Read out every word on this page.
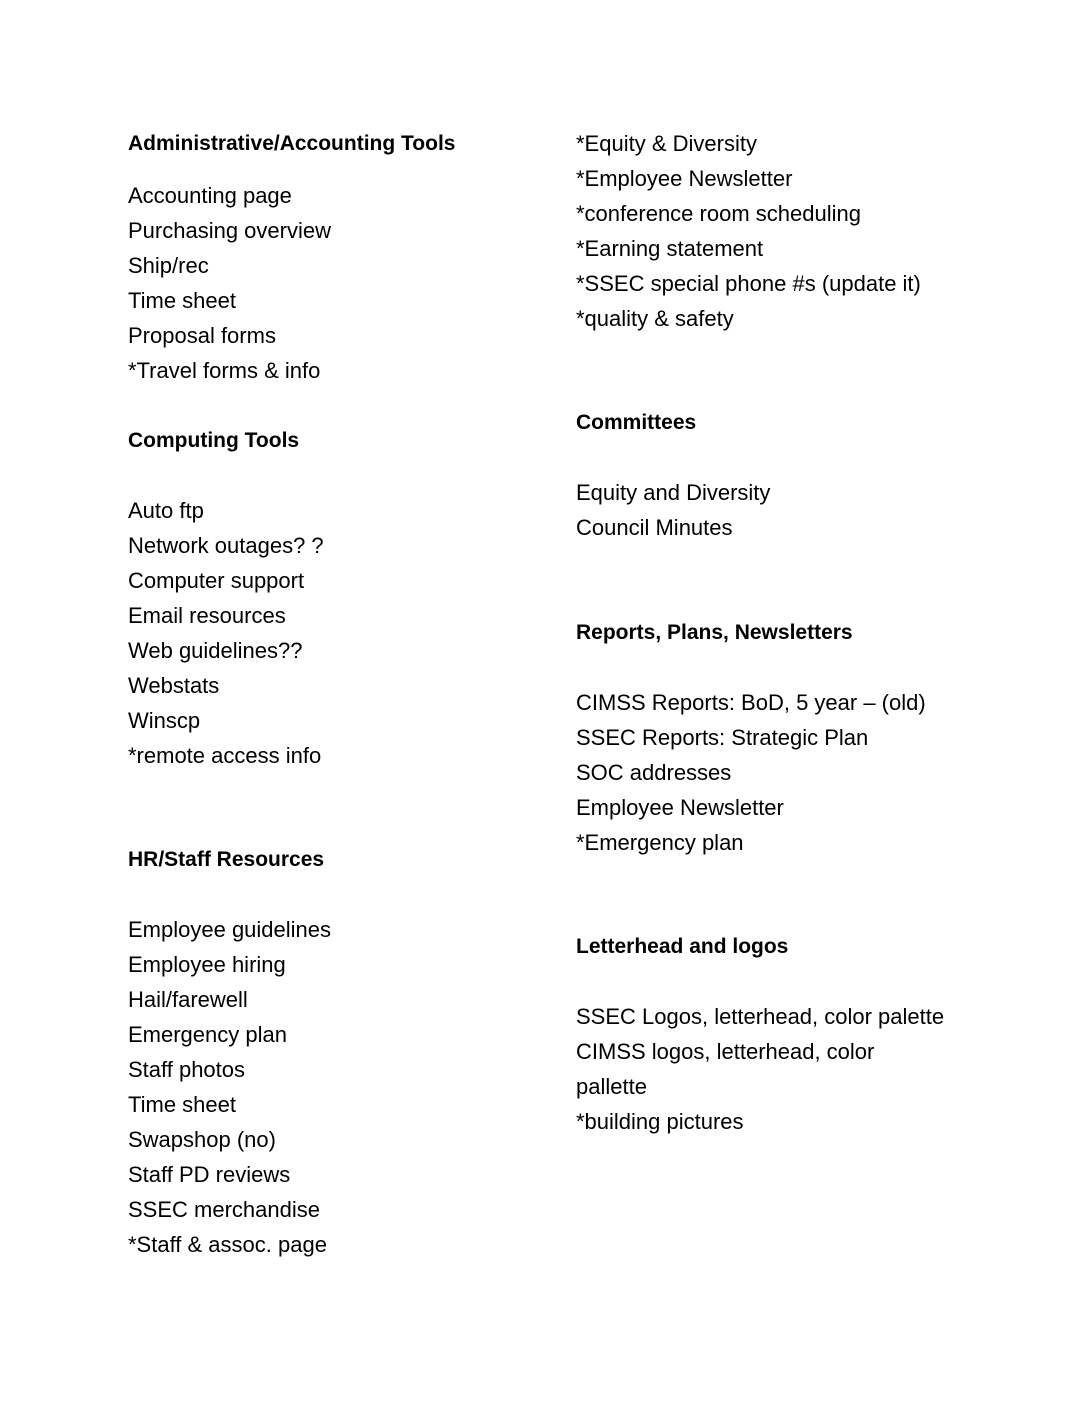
Administrative/Accounting Tools
Accounting page
Purchasing overview
Ship/rec
Time sheet
Proposal forms
*Travel forms & info
Computing Tools
Auto ftp
Network outages? ?
Computer support
Email resources
Web guidelines??
Webstats
Winscp
*remote access info
HR/Staff Resources
Employee guidelines
Employee hiring
Hail/farewell
Emergency plan
Staff photos
Time sheet
Swapshop (no)
Staff PD reviews
SSEC merchandise
*Staff & assoc. page
*Equity & Diversity
*Employee Newsletter
*conference room scheduling
*Earning statement
*SSEC special phone #s (update it)
*quality & safety
Committees
Equity and Diversity
Council Minutes
Reports, Plans, Newsletters
CIMSS Reports: BoD, 5 year – (old)
SSEC Reports: Strategic Plan
SOC addresses
Employee Newsletter
*Emergency plan
Letterhead and logos
SSEC Logos, letterhead, color palette
CIMSS logos, letterhead, color
pallette
*building pictures
